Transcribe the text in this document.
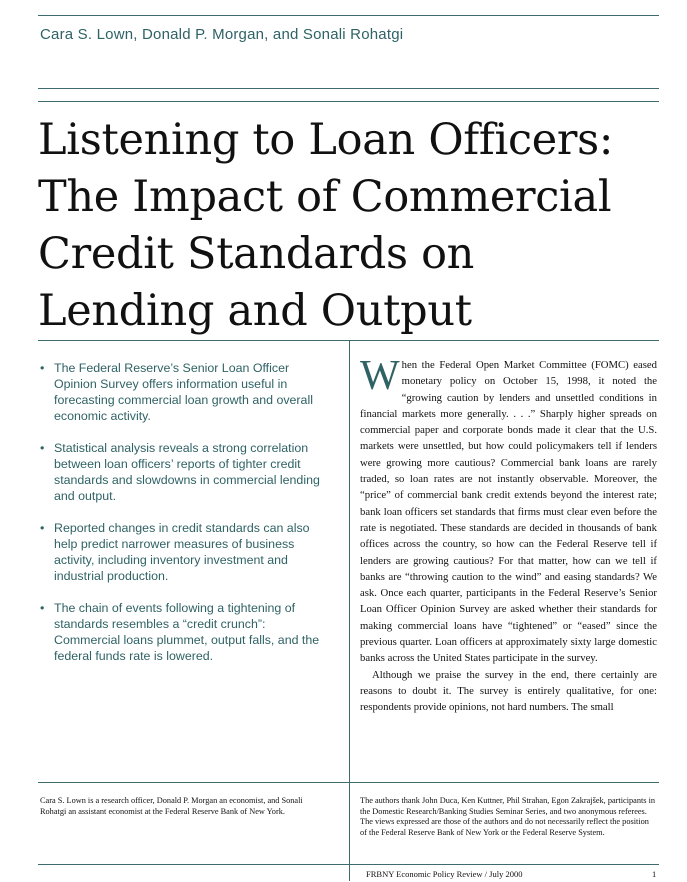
Cara S. Lown, Donald P. Morgan, and Sonali Rohatgi
Listening to Loan Officers:
The Impact of Commercial
Credit Standards on
Lending and Output
• The Federal Reserve’s Senior Loan Officer Opinion Survey offers information useful in forecasting commercial loan growth and overall economic activity.
• Statistical analysis reveals a strong correlation between loan officers’ reports of tighter credit standards and slowdowns in commercial lending and output.
• Reported changes in credit standards can also help predict narrower measures of business activity, including inventory investment and industrial production.
• The chain of events following a tightening of standards resembles a “credit crunch”: Commercial loans plummet, output falls, and the federal funds rate is lowered.

When the Federal Open Market Committee (FOMC) eased monetary policy on October 15, 1998, it noted the “growing caution by lenders and unsettled conditions in financial markets more generally. . . .” Sharply higher spreads on commercial paper and corporate bonds made it clear that the U.S. markets were unsettled, but how could policymakers tell if lenders were growing more cautious? Commercial bank loans are rarely traded, so loan rates are not instantly observable. Moreover, the “price” of commercial bank credit extends beyond the interest rate; bank loan officers set standards that firms must clear even before the rate is negotiated. These standards are decided in thousands of bank offices across the country, so how can the Federal Reserve tell if lenders are growing cautious? For that matter, how can we tell if banks are “throwing caution to the wind” and easing standards? We ask. Once each quarter, participants in the Federal Reserve’s Senior Loan Officer Opinion Survey are asked whether their standards for making commercial loans have “tightened” or “eased” since the previous quarter. Loan officers at approximately sixty large domestic banks across the United States participate in the survey.

Although we praise the survey in the end, there certainly are reasons to doubt it. The survey is entirely qualitative, for one: respondents provide opinions, not hard numbers. The small

Cara S. Lown is a research officer, Donald P. Morgan an economist, and Sonali Rohatgi an assistant economist at the Federal Reserve Bank of New York.
The authors thank John Duca, Ken Kuttner, Phil Strahan, Egon Zakrajšek, participants in the Domestic Research/Banking Studies Seminar Series, and two anonymous referees. The views expressed are those of the authors and do not necessarily reflect the position of the Federal Reserve Bank of New York or the Federal Reserve System.
FRBNY Economic Policy Review / July 2000	1
